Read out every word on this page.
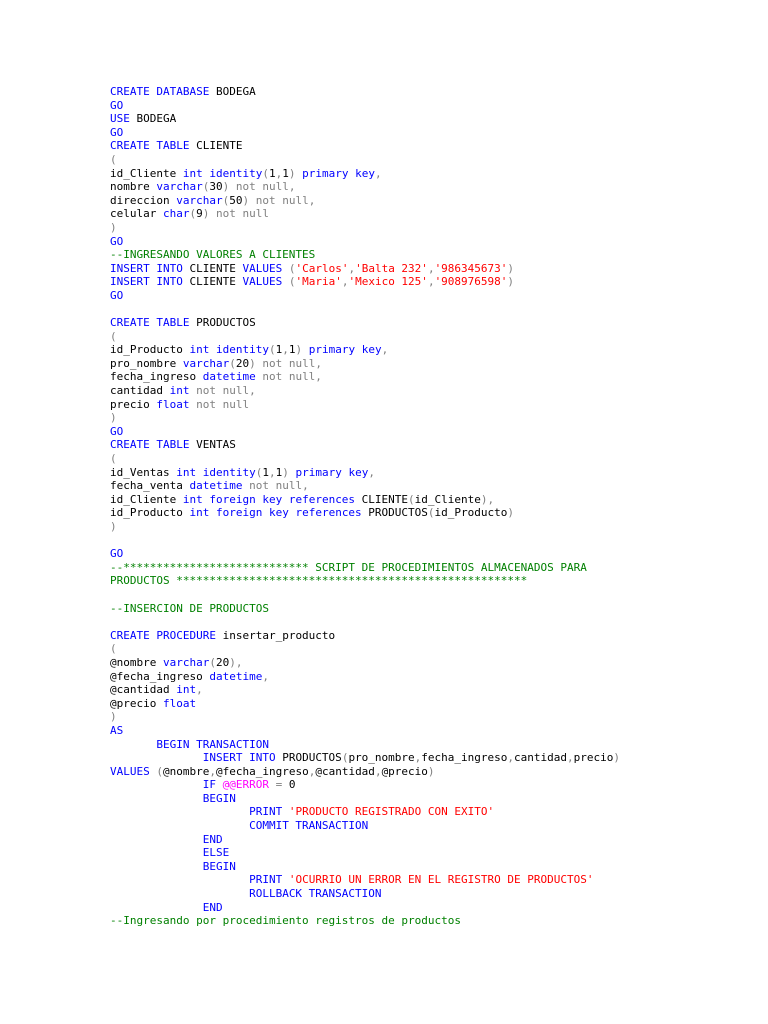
CREATE DATABASE BODEGA
GO
USE BODEGA
GO
CREATE TABLE CLIENTE
(
id_Cliente int identity(1,1) primary key,
nombre varchar(30) not null,
direccion varchar(50) not null,
celular char(9) not null
)
GO
--INGRESANDO VALORES A CLIENTES
INSERT INTO CLIENTE VALUES ('Carlos','Balta 232','986345673')
INSERT INTO CLIENTE VALUES ('Maria','Mexico 125','908976598')
GO
CREATE TABLE PRODUCTOS
(
id_Producto int identity(1,1) primary key,
pro_nombre varchar(20) not null,
fecha_ingreso datetime not null,
cantidad int not null,
precio float not null
)
GO
CREATE TABLE VENTAS
(
id_Ventas int identity(1,1) primary key,
fecha_venta datetime not null,
id_Cliente int foreign key references CLIENTE(id_Cliente),
id_Producto int foreign key references PRODUCTOS(id_Producto)
)
GO
--**************************** SCRIPT DE PROCEDIMIENTOS ALMACENADOS PARA
PRODUCTOS *****************************************************
--INSERCION DE PRODUCTOS
CREATE PROCEDURE insertar_producto
(
@nombre varchar(20),
@fecha_ingreso datetime,
@cantidad int,
@precio float
)
AS
BEGIN TRANSACTION
INSERT INTO PRODUCTOS(pro_nombre,fecha_ingreso,cantidad,precio)
VALUES (@nombre,@fecha_ingreso,@cantidad,@precio)
IF @@ERROR = 0
BEGIN
PRINT 'PRODUCTO REGISTRADO CON EXITO'
COMMIT TRANSACTION
END
ELSE
BEGIN
PRINT 'OCURRIO UN ERROR EN EL REGISTRO DE PRODUCTOS'
ROLLBACK TRANSACTION
END
--Ingresando por procedimiento registros de productos
